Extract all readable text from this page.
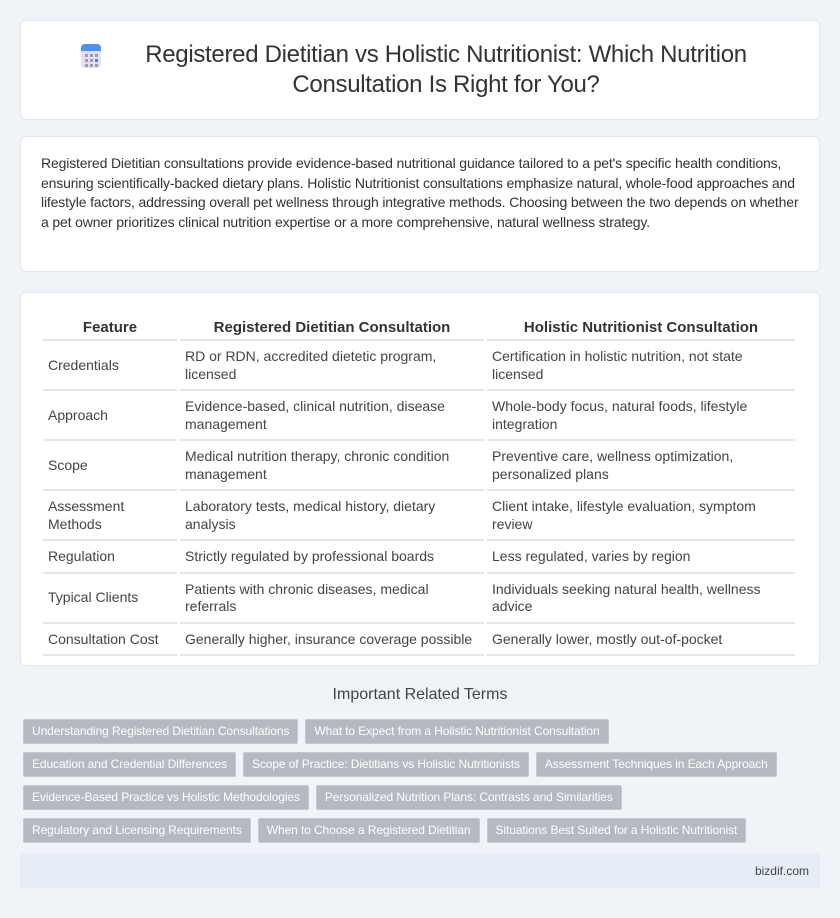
Registered Dietitian vs Holistic Nutritionist: Which Nutrition Consultation Is Right for You?

Registered Dietitian consultations provide evidence-based nutritional guidance tailored to a pet's specific health conditions, ensuring scientifically-backed dietary plans. Holistic Nutritionist consultations emphasize natural, whole-food approaches and lifestyle factors, addressing overall pet wellness through integrative methods. Choosing between the two depends on whether a pet owner prioritizes clinical nutrition expertise or a more comprehensive, natural wellness strategy.

Feature	Registered Dietitian Consultation	Holistic Nutritionist Consultation
Credentials	RD or RDN, accredited dietetic program, licensed	Certification in holistic nutrition, not state licensed
Approach	Evidence-based, clinical nutrition, disease management	Whole-body focus, natural foods, lifestyle integration
Scope	Medical nutrition therapy, chronic condition management	Preventive care, wellness optimization, personalized plans
Assessment Methods	Laboratory tests, medical history, dietary analysis	Client intake, lifestyle evaluation, symptom review
Regulation	Strictly regulated by professional boards	Less regulated, varies by region
Typical Clients	Patients with chronic diseases, medical referrals	Individuals seeking natural health, wellness advice
Consultation Cost	Generally higher, insurance coverage possible	Generally lower, mostly out-of-pocket
Important Related Terms
Understanding Registered Dietitian Consultations	What to Expect from a Holistic Nutritionist Consultation
Education and Credential Differences	Scope of Practice: Dietitians vs Holistic Nutritionists	Assessment Techniques in Each Approach
Evidence-Based Practice vs Holistic Methodologies	Personalized Nutrition Plans: Contrasts and Similarities
Regulatory and Licensing Requirements	When to Choose a Registered Dietitian	Situations Best Suited for a Holistic Nutritionist
bizdif.com
